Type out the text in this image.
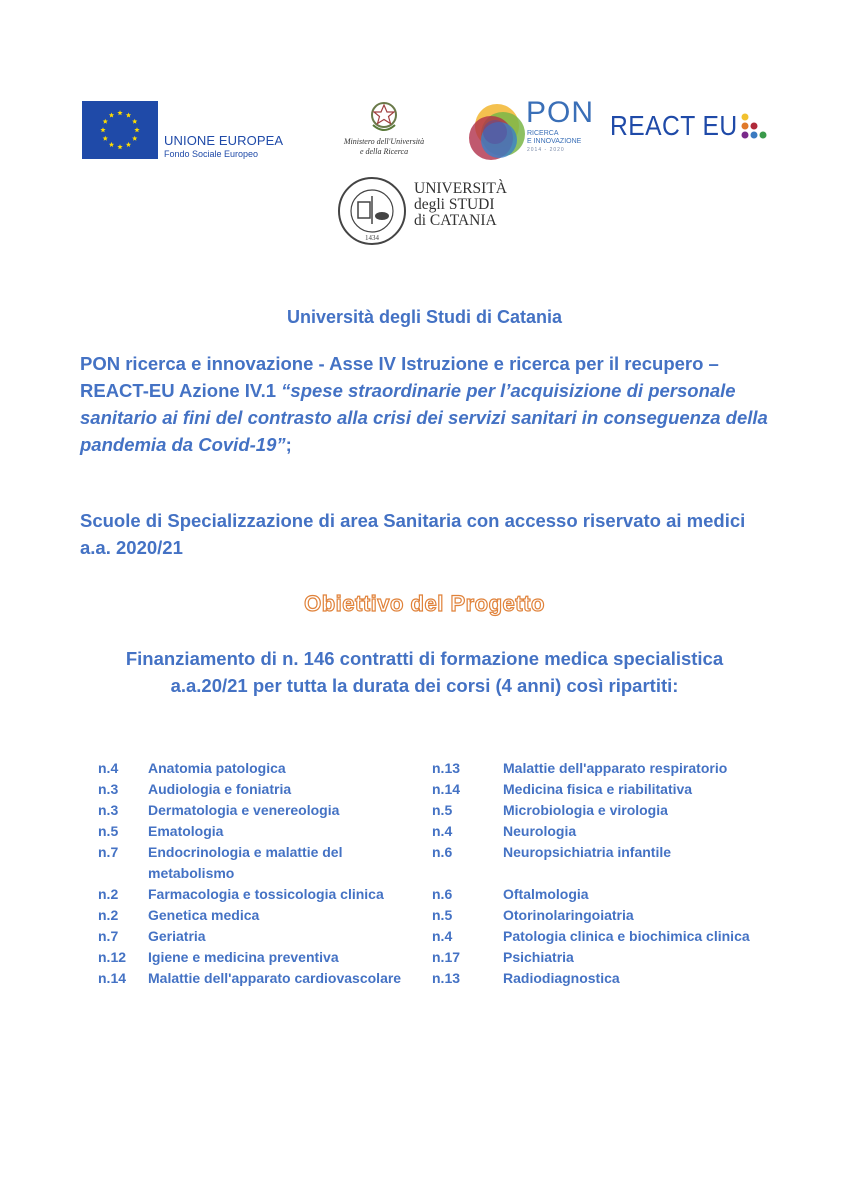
UNIONE EUROPEA
Fondo Sociale Europeo
Ministero dell'Università
e della Ricerca
PON
RICERCA
E INNOVAZIONE
2014 - 2020
REACT EU
1434
UNIVERSITÀ
degli STUDI
di CATANIA
Università degli Studi di Catania
PON ricerca e innovazione - Asse IV Istruzione e ricerca per il recupero – REACT-EU Azione IV.1 “spese straordinarie per l’acquisizione di personale sanitario ai fini del contrasto alla crisi dei servizi sanitari in conseguenza della pandemia da Covid-19”;
Scuole di Specializzazione di area Sanitaria con accesso riservato ai medici a.a. 2020/21
Obiettivo del Progetto
Finanziamento di n. 146 contratti di formazione medica specialistica
a.a.20/21 per tutta la durata dei corsi (4 anni) così ripartiti:
n.4	Anatomia patologica
n.3	Audiologia e foniatria
n.3	Dermatologia e venereologia
n.5	Ematologia
n.7	Endocrinologia e malattie del metabolismo
n.2	Farmacologia e tossicologia clinica
n.2	Genetica medica
n.7	Geriatria
n.12	Igiene e medicina preventiva
n.14	Malattie dell'apparato cardiovascolare
n.13	Malattie dell'apparato respiratorio
n.14	Medicina fisica e riabilitativa
n.5	Microbiologia e virologia
n.4	Neurologia
n.6	Neuropsichiatria infantile
n.6	Oftalmologia
n.5	Otorinolaringoiatria
n.4	Patologia clinica e biochimica clinica
n.17	Psichiatria
n.13	Radiodiagnostica
